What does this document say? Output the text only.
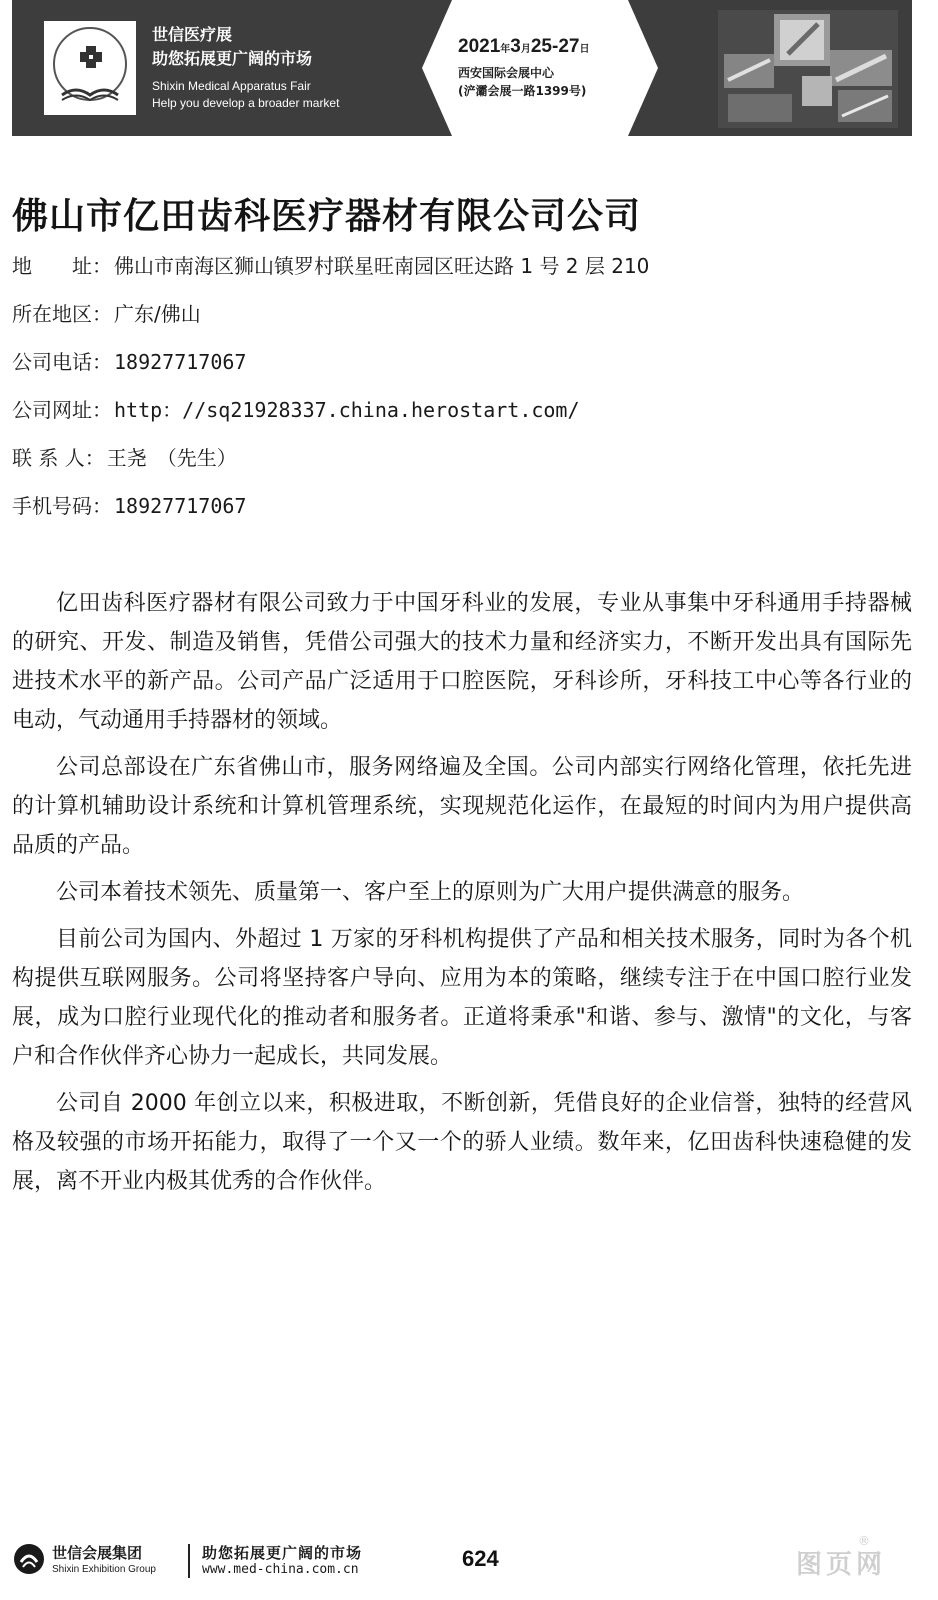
世信医疗展
助您拓展更广阔的市场
Shixin Medical Apparatus Fair
Help you develop a broader market
2021年3月25-27日
西安国际会展中心
(浐灞会展一路1399号)
佛山市亿田齿科医疗器材有限公司公司
地　　址： 佛山市南海区狮山镇罗村联星旺南园区旺达路 1 号 2 层 210
所在地区： 广东/佛山
公司电话： 18927717067
公司网址： http：//sq21928337.china.herostart.com/
联 系 人： 王尧　（先生）
手机号码： 18927717067

亿田齿科医疗器材有限公司致力于中国牙科业的发展，专业从事集中牙科通用手持器械的研究、开发、制造及销售，凭借公司强大的技术力量和经济实力，不断开发出具有国际先进技术水平的新产品。公司产品广泛适用于口腔医院，牙科诊所，牙科技工中心等各行业的电动，气动通用手持器材的领域。

公司总部设在广东省佛山市，服务网络遍及全国。公司内部实行网络化管理，依托先进的计算机辅助设计系统和计算机管理系统，实现规范化运作，在最短的时间内为用户提供高品质的产品。

公司本着技术领先、质量第一、客户至上的原则为广大用户提供满意的服务。

目前公司为国内、外超过 1 万家的牙科机构提供了产品和相关技术服务，同时为各个机构提供互联网服务。公司将坚持客户导向、应用为本的策略，继续专注于在中国口腔行业发展，成为口腔行业现代化的推动者和服务者。正道将秉承"和谐、参与、激情"的文化，与客户和合作伙伴齐心协力一起成长，共同发展。

公司自 2000 年创立以来，积极进取，不断创新，凭借良好的企业信誉，独特的经营风格及较强的市场开拓能力，取得了一个又一个的骄人业绩。数年来，亿田齿科快速稳健的发展，离不开业内极其优秀的合作伙伴。

世信会展集团
Shixin Exhibition Group
助您拓展更广阔的市场
www.med-china.com.cn	624	图页网
®
